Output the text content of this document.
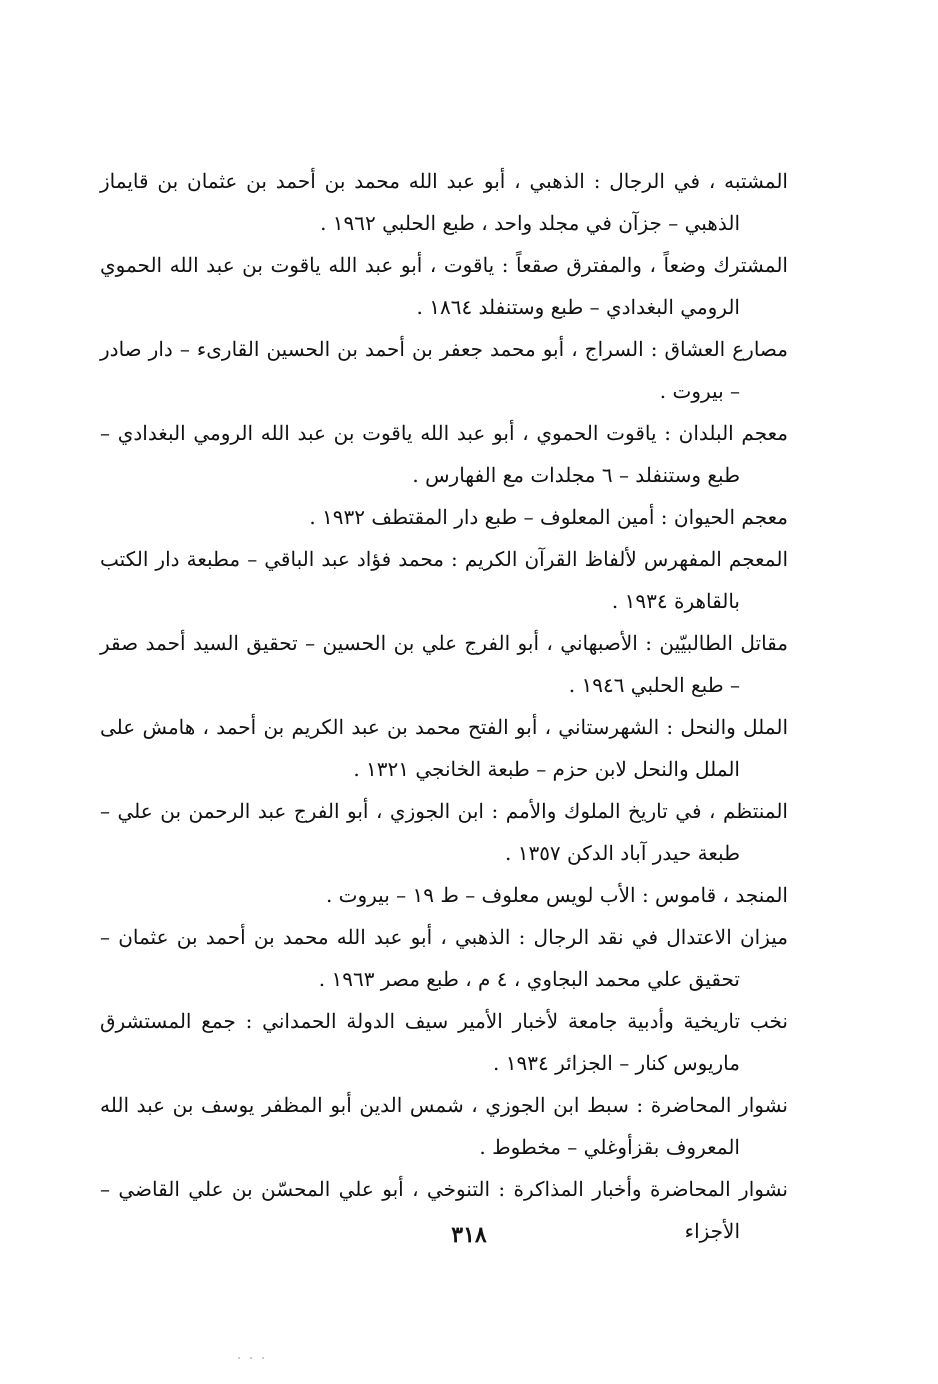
المشتبه ، في الرجال : الذهبي ، أبو عبد الله محمد بن أحمد بن عثمان بن قايماز الذهبي – جزآن في مجلد واحد ، طبع الحلبي ١٩٦٢ .

المشترك وضعاً ، والمفترق صقعاً : ياقوت ، أبو عبد الله ياقوت بن عبد الله الحموي الرومي البغدادي – طبع وستنفلد ١٨٦٤ .

مصارع العشاق : السراج ، أبو محمد جعفر بن أحمد بن الحسين القارىء – دار صادر – بيروت .

معجم البلدان : ياقوت الحموي ، أبو عبد الله ياقوت بن عبد الله الرومي البغدادي – طبع وستنفلد – ٦ مجلدات مع الفهارس .

معجم الحيوان : أمين المعلوف – طبع دار المقتطف ١٩٣٢ .

المعجم المفهرس لألفاظ القرآن الكريم : محمد فؤاد عبد الباقي – مطبعة دار الكتب بالقاهرة ١٩٣٤ .

مقاتل الطالبيّين : الأصبهاني ، أبو الفرج علي بن الحسين – تحقيق السيد أحمد صقر – طبع الحلبي ١٩٤٦ .

الملل والنحل : الشهرستاني ، أبو الفتح محمد بن عبد الكريم بن أحمد ، هامش على الملل والنحل لابن حزم – طبعة الخانجي ١٣٢١ .

المنتظم ، في تاريخ الملوك والأمم : ابن الجوزي ، أبو الفرج عبد الرحمن بن علي – طبعة حيدر آباد الدكن ١٣٥٧ .

المنجد ، قاموس : الأب لويس معلوف – ط ١٩ – بيروت .

ميزان الاعتدال في نقد الرجال : الذهبي ، أبو عبد الله محمد بن أحمد بن عثمان – تحقيق علي محمد البجاوي ، ٤ م ، طبع مصر ١٩٦٣ .

نخب تاريخية وأدبية جامعة لأخبار الأمير سيف الدولة الحمداني : جمع المستشرق ماريوس كنار – الجزائر ١٩٣٤ .

نشوار المحاضرة : سبط ابن الجوزي ، شمس الدين أبو المظفر يوسف بن عبد الله المعروف بقزأوغلي – مخطوط .

نشوار المحاضرة وأخبار المذاكرة : التنوخي ، أبو علي المحسّن بن علي القاضي – الأجزاء

٣١٨
